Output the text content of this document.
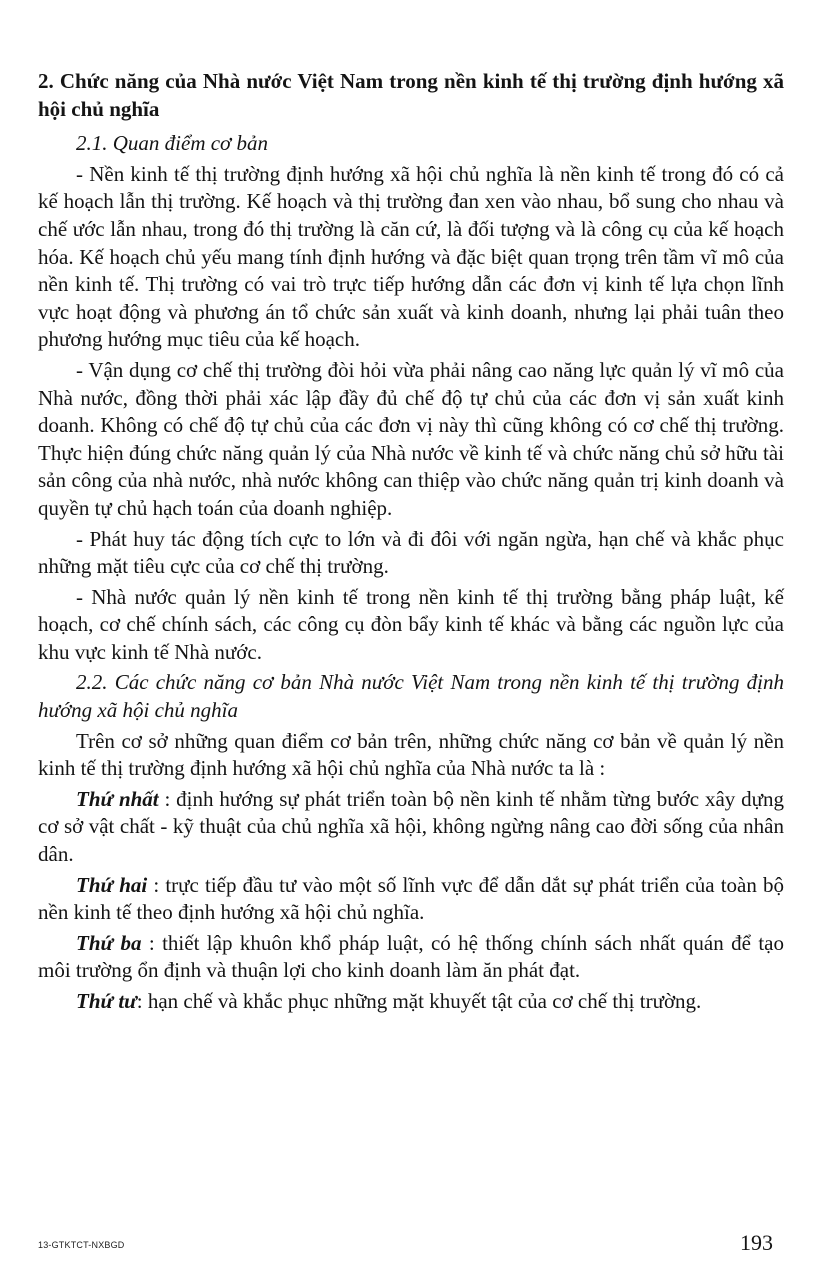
2. Chức năng của Nhà nước Việt Nam trong nền kinh tế thị trường định hướng xã hội chủ nghĩa

2.1. Quan điểm cơ bản

- Nền kinh tế thị trường định hướng xã hội chủ nghĩa là nền kinh tế trong đó có cả kế hoạch lẫn thị trường. Kế hoạch và thị trường đan xen vào nhau, bổ sung cho nhau và chế ước lẫn nhau, trong đó thị trường là căn cứ, là đối tượng và là công cụ của kế hoạch hóa. Kế hoạch chủ yếu mang tính định hướng và đặc biệt quan trọng trên tầm vĩ mô của nền kinh tế. Thị trường có vai trò trực tiếp hướng dẫn các đơn vị kinh tế lựa chọn lĩnh vực hoạt động và phương án tổ chức sản xuất và kinh doanh, nhưng lại phải tuân theo phương hướng mục tiêu của kế hoạch.

- Vận dụng cơ chế thị trường đòi hỏi vừa phải nâng cao năng lực quản lý vĩ mô của Nhà nước, đồng thời phải xác lập đầy đủ chế độ tự chủ của các đơn vị sản xuất kinh doanh. Không có chế độ tự chủ của các đơn vị này thì cũng không có cơ chế thị trường. Thực hiện đúng chức năng quản lý của Nhà nước về kinh tế và chức năng chủ sở hữu tài sản công của nhà nước, nhà nước không can thiệp vào chức năng quản trị kinh doanh và quyền tự chủ hạch toán của doanh nghiệp.

- Phát huy tác động tích cực to lớn và đi đôi với ngăn ngừa, hạn chế và khắc phục những mặt tiêu cực của cơ chế thị trường.

- Nhà nước quản lý nền kinh tế trong nền kinh tế thị trường bằng pháp luật, kế hoạch, cơ chế chính sách, các công cụ đòn bẩy kinh tế khác và bằng các nguồn lực của khu vực kinh tế Nhà nước.

2.2. Các chức năng cơ bản Nhà nước Việt Nam trong nền kinh tế thị trường định hướng xã hội chủ nghĩa

Trên cơ sở những quan điểm cơ bản trên, những chức năng cơ bản về quản lý nền kinh tế thị trường định hướng xã hội chủ nghĩa của Nhà nước ta là :

Thứ nhất : định hướng sự phát triển toàn bộ nền kinh tế nhằm từng bước xây dựng cơ sở vật chất - kỹ thuật của chủ nghĩa xã hội, không ngừng nâng cao đời sống của nhân dân.

Thứ hai : trực tiếp đầu tư vào một số lĩnh vực để dẫn dắt sự phát triển của toàn bộ nền kinh tế theo định hướng xã hội chủ nghĩa.

Thứ ba : thiết lập khuôn khổ pháp luật, có hệ thống chính sách nhất quán để tạo môi trường ổn định và thuận lợi cho kinh doanh làm ăn phát đạt.

Thứ tư: hạn chế và khắc phục những mặt khuyết tật của cơ chế thị trường.

13-GTKTCT-NXBGD	193
